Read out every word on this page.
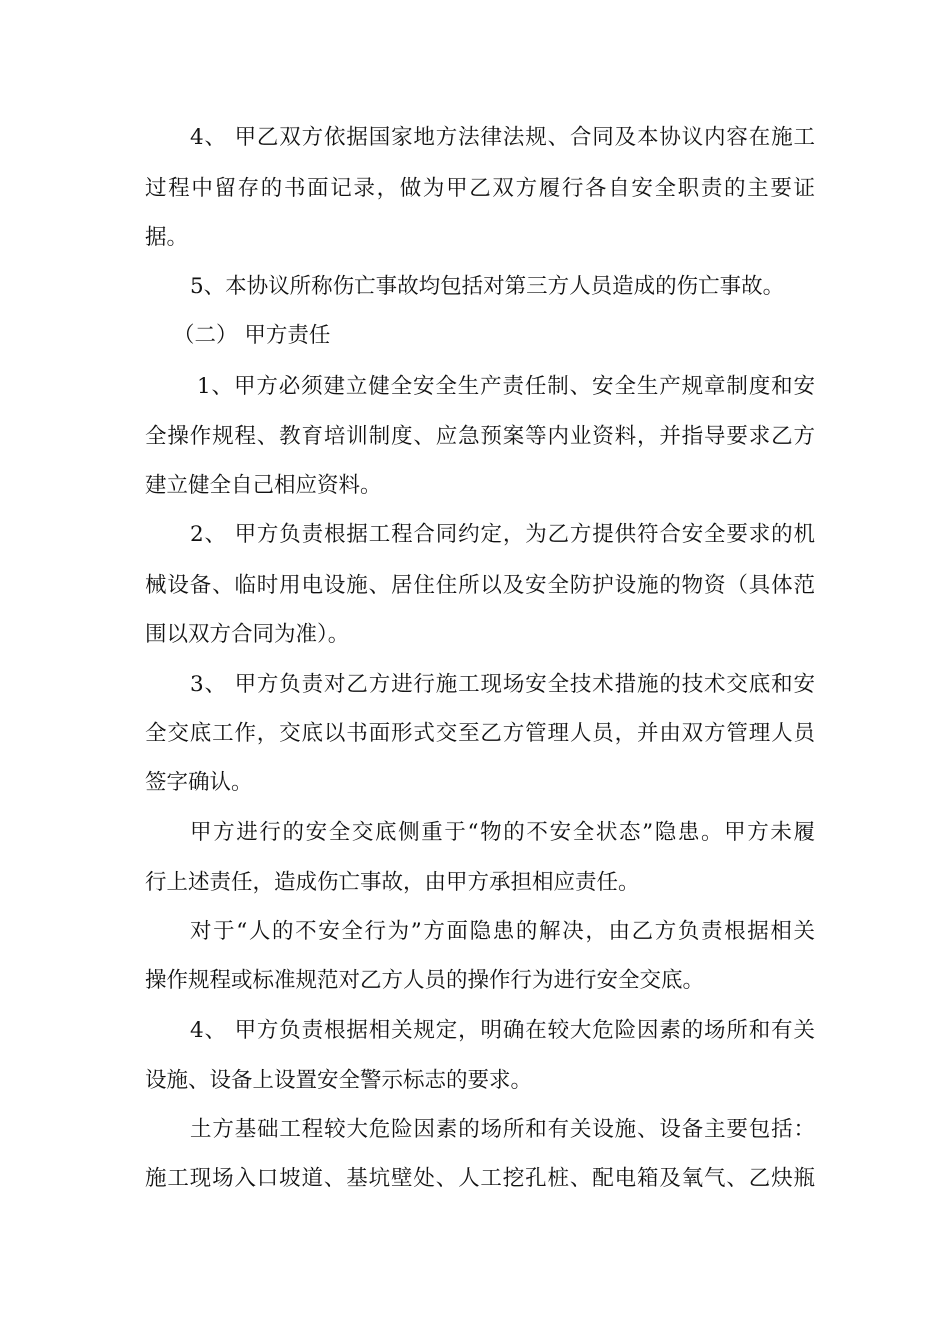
4、 甲乙双方依据国家地方法律法规、合同及本协议内容在施工
过程中留存的书面记录，做为甲乙双方履行各自安全职责的主要证
据。
5、本协议所称伤亡事故均包括对第三方人员造成的伤亡事故。
（二） 甲方责任
1、甲方必须建立健全安全生产责任制、安全生产规章制度和安
全操作规程、教育培训制度、应急预案等内业资料，并指导要求乙方
建立健全自己相应资料。
2、 甲方负责根据工程合同约定，为乙方提供符合安全要求的机
械设备、临时用电设施、居住住所以及安全防护设施的物资（具体范
围以双方合同为准）。
3、 甲方负责对乙方进行施工现场安全技术措施的技术交底和安
全交底工作，交底以书面形式交至乙方管理人员，并由双方管理人员
签字确认。
甲方进行的安全交底侧重于“物的不安全状态”隐患。甲方未履
行上述责任，造成伤亡事故，由甲方承担相应责任。
对于“人的不安全行为”方面隐患的解决，由乙方负责根据相关
操作规程或标准规范对乙方人员的操作行为进行安全交底。
4、 甲方负责根据相关规定，明确在较大危险因素的场所和有关
设施、设备上设置安全警示标志的要求。
土方基础工程较大危险因素的场所和有关设施、设备主要包括：
施工现场入口坡道、基坑壁处、人工挖孔桩、配电箱及氧气、乙炔瓶
